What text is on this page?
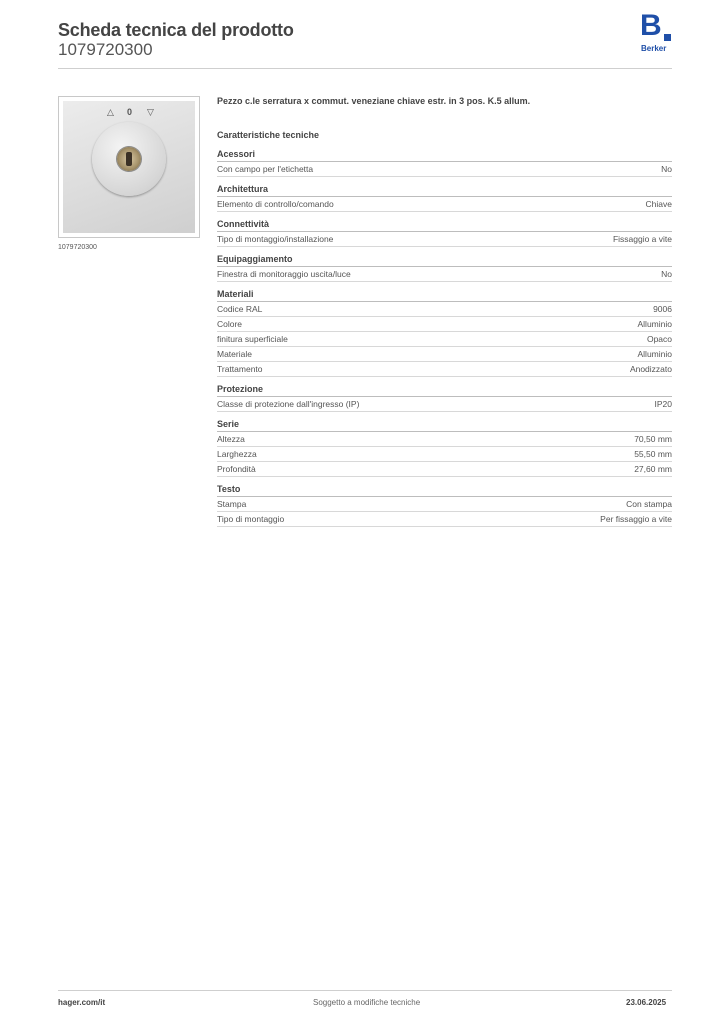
Scheda tecnica del prodotto
1079720300
B
Berker
△ 0 ▽
1079720300
Pezzo c.le serratura x commut. veneziane chiave estr. in 3 pos. K.5 allum.
Caratteristiche tecniche
Acessori
Con campo per l'etichetta	No
Architettura
Elemento di controllo/comando	Chiave
Connettività
Tipo di montaggio/installazione	Fissaggio a vite
Equipaggiamento
Finestra di monitoraggio uscita/luce	No
Materiali
Codice RAL	9006
Colore	Alluminio
finitura superficiale	Opaco
Materiale	Alluminio
Trattamento	Anodizzato
Protezione
Classe di protezione dall'ingresso (IP)	IP20
Serie
Altezza	70,50 mm
Larghezza	55,50 mm
Profondità	27,60 mm
Testo
Stampa	Con stampa
Tipo di montaggio	Per fissaggio a vite
hager.com/it	Soggetto a modifiche tecniche	23.06.2025
